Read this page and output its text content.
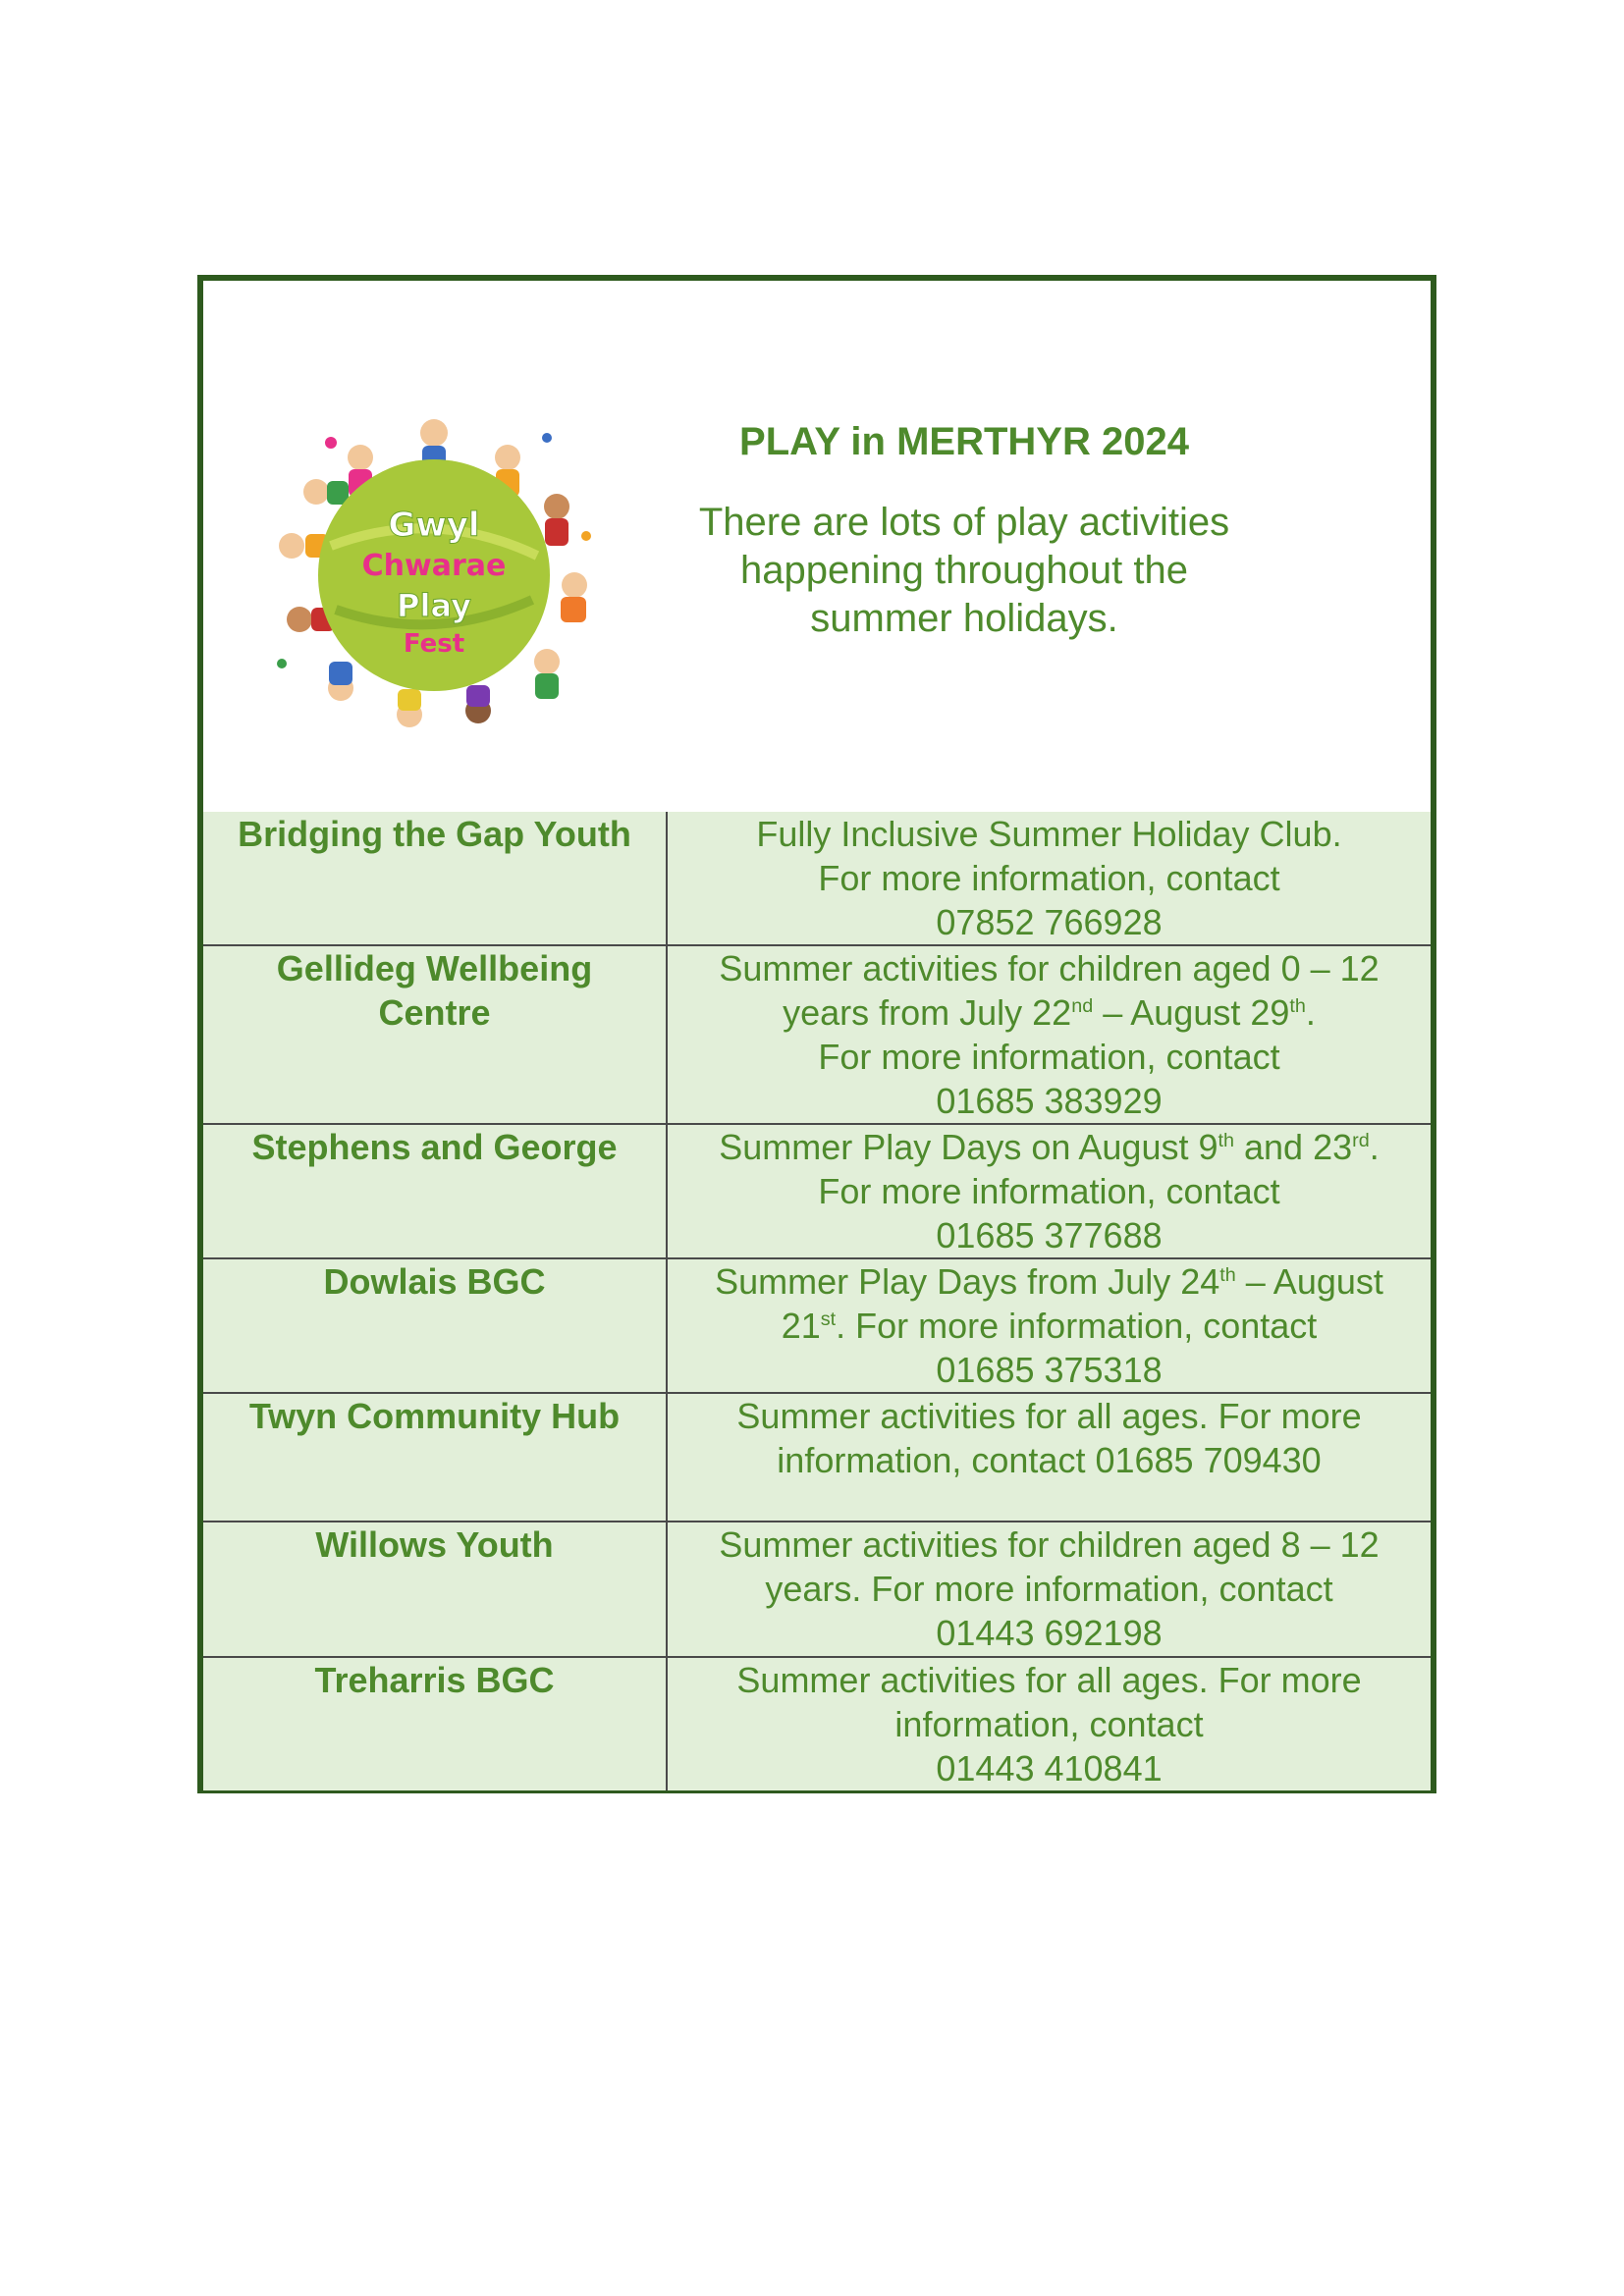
Gwyl
Chwarae
Play
Fest
PLAY in MERTHYR 2024
There are lots of play activities
happening throughout the
summer holidays.
Bridging the Gap Youth	Fully Inclusive Summer Holiday Club.
For more information, contact
07852 766928

Gellideg Wellbeing Centre	Summer activities for children aged 0 – 12
years from July 22nd – August 29th.
For more information, contact
01685 383929

Stephens and George	Summer Play Days on August 9th and 23rd.
For more information, contact
01685 377688

Dowlais BGC	Summer Play Days from July 24th – August
21st. For more information, contact
01685 375318

Twyn Community Hub	Summer activities for all ages. For more
information, contact 01685 709430

Willows Youth	Summer activities for children aged 8 – 12
years. For more information, contact
01443 692198

Treharris BGC	Summer activities for all ages. For more
information, contact
01443 410841
